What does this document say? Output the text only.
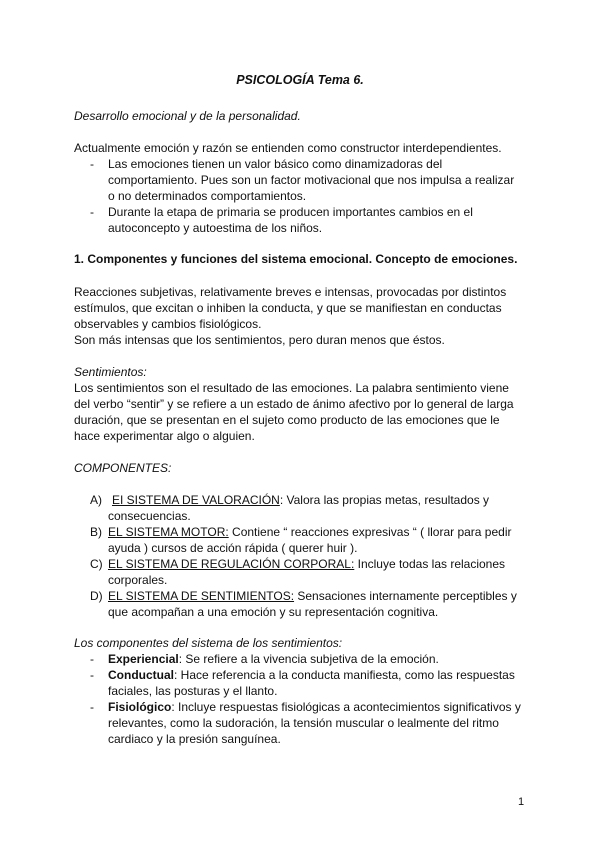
PSICOLOGÍA Tema 6.
Desarrollo emocional y de la personalidad.
Actualmente emoción y razón se entienden como constructor interdependientes.
- Las emociones tienen un valor básico como dinamizadoras del
comportamiento. Pues son un factor motivacional que nos impulsa a realizar
o no determinados comportamientos.
- Durante la etapa de primaria se producen importantes cambios en el
autoconcepto y autoestima de los niños.
1. Componentes y funciones del sistema emocional. Concepto de emociones.
Reacciones subjetivas, relativamente breves e intensas, provocadas por distintos
estímulos, que excitan o inhiben la conducta, y que se manifiestan en conductas
observables y cambios fisiológicos.
Son más intensas que los sentimientos, pero duran menos que éstos.
Sentimientos:
Los sentimientos son el resultado de las emociones. La palabra sentimiento viene
del verbo “sentir” y se refiere a un estado de ánimo afectivo por lo general de larga
duración, que se presentan en el sujeto como producto de las emociones que le
hace experimentar algo o alguien.
COMPONENTES:
A) EI SISTEMA DE VALORACIÓN: Valora las propias metas, resultados y
consecuencias.
B) EL SISTEMA MOTOR: Contiene “ reacciones expresivas “ ( llorar para pedir
ayuda ) cursos de acción rápida ( querer huir ).
C) EL SISTEMA DE REGULACIÓN CORPORAL: Incluye todas las relaciones
corporales.
D) EL SISTEMA DE SENTIMIENTOS: Sensaciones internamente perceptibles y
que acompañan a una emoción y su representación cognitiva.
Los componentes del sistema de los sentimientos:
- Experiencial: Se refiere a la vivencia subjetiva de la emoción.
- Conductual: Hace referencia a la conducta manifiesta, como las respuestas
faciales, las posturas y el llanto.
- Fisiológico: Incluye respuestas fisiológicas a acontecimientos significativos y
relevantes, como la sudoración, la tensión muscular o lealmente del ritmo
cardiaco y la presión sanguínea.
1
